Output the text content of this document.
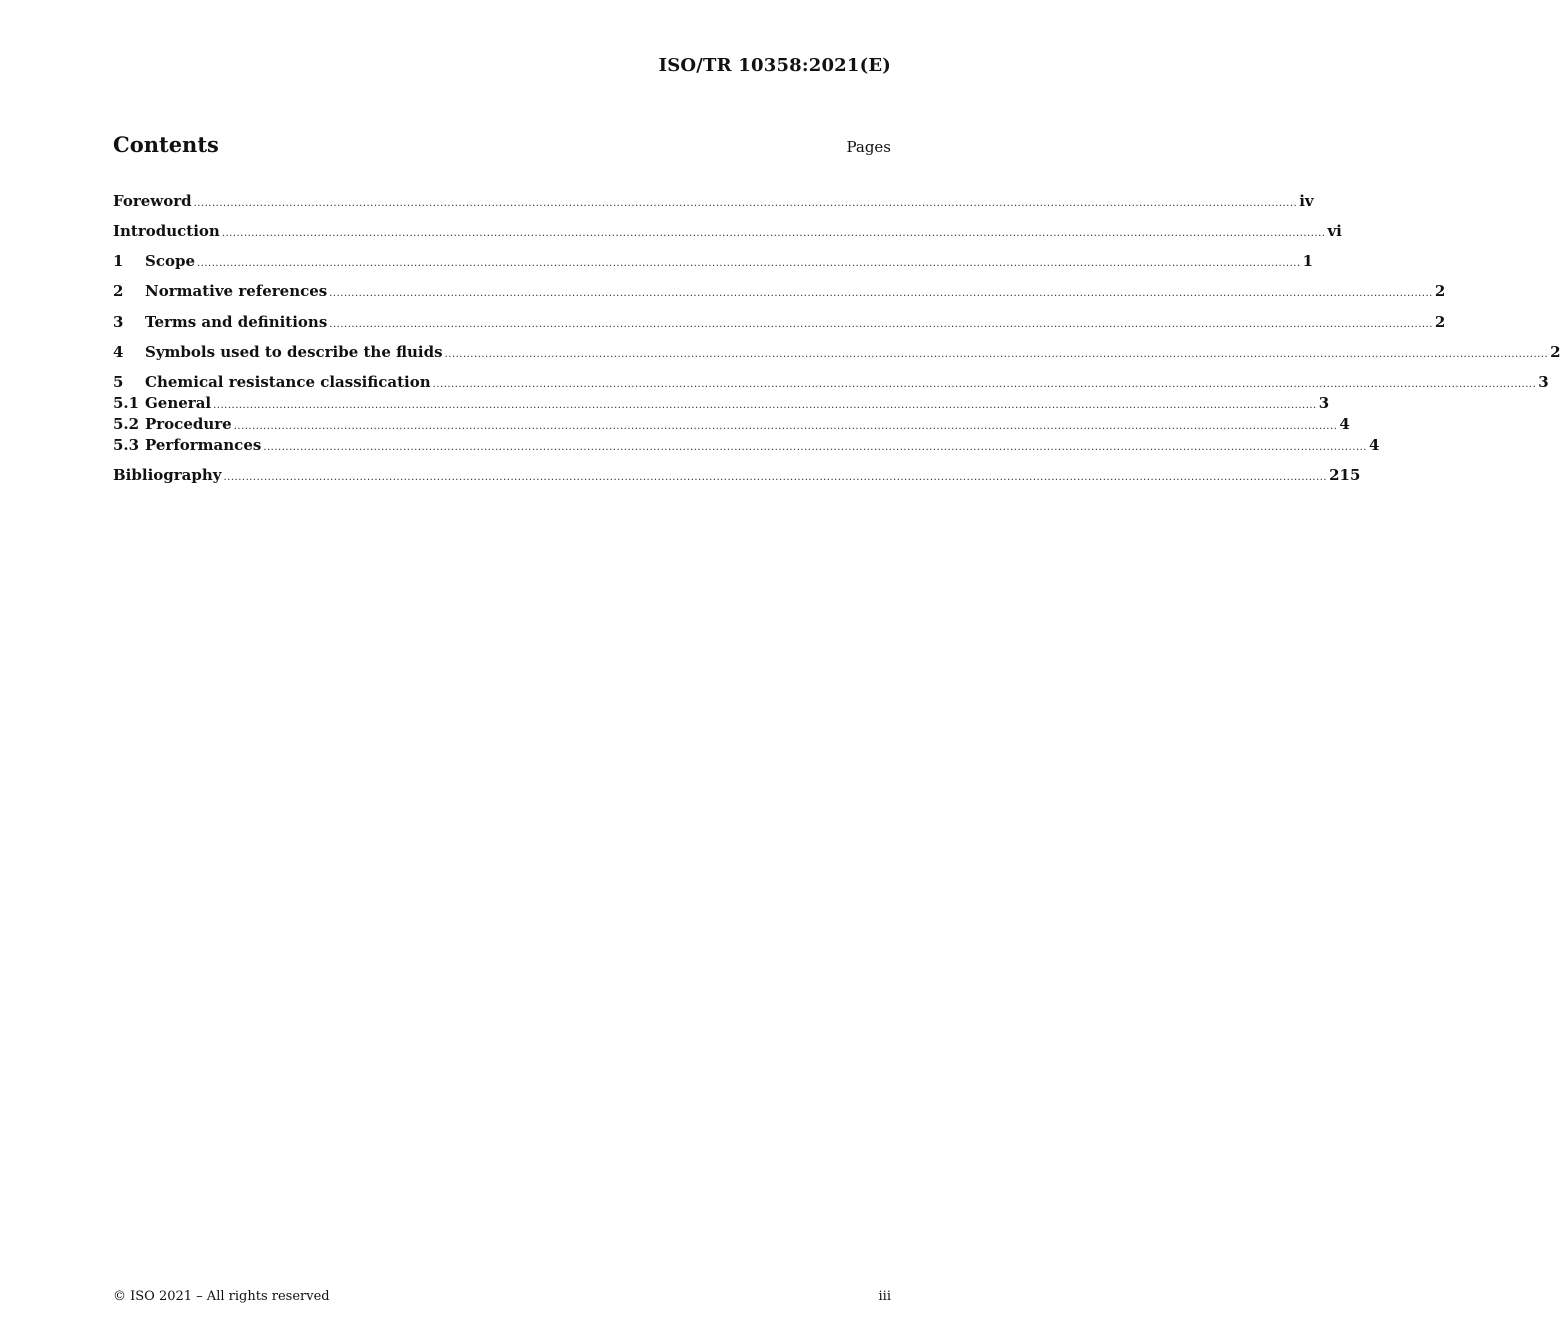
ISO/TR 10358:2021(E)
Contents	Pages
Foreword ............................................................................................................................................................................................................................................................................................................ iv
Introduction ............................................................................................................................................................................................................................................................................................................ vi
1	Scope ............................................................................................................................................................................................................................................................................................................ 1
2	Normative references ............................................................................................................................................................................................................................................................................................................ 2
3	Terms and definitions ............................................................................................................................................................................................................................................................................................................ 2
4	Symbols used to describe the fluids ............................................................................................................................................................................................................................................................................................................ 2
5	Chemical resistance classification ............................................................................................................................................................................................................................................................................................................ 3
5.1 General ............................................................................................................................................................................................................................................................................................................ 3
5.2 Procedure ............................................................................................................................................................................................................................................................................................................ 4
5.3 Performances ............................................................................................................................................................................................................................................................................................................ 4
Bibliography ............................................................................................................................................................................................................................................................................................................ 215
© ISO 2021 – All rights reserved	iii
